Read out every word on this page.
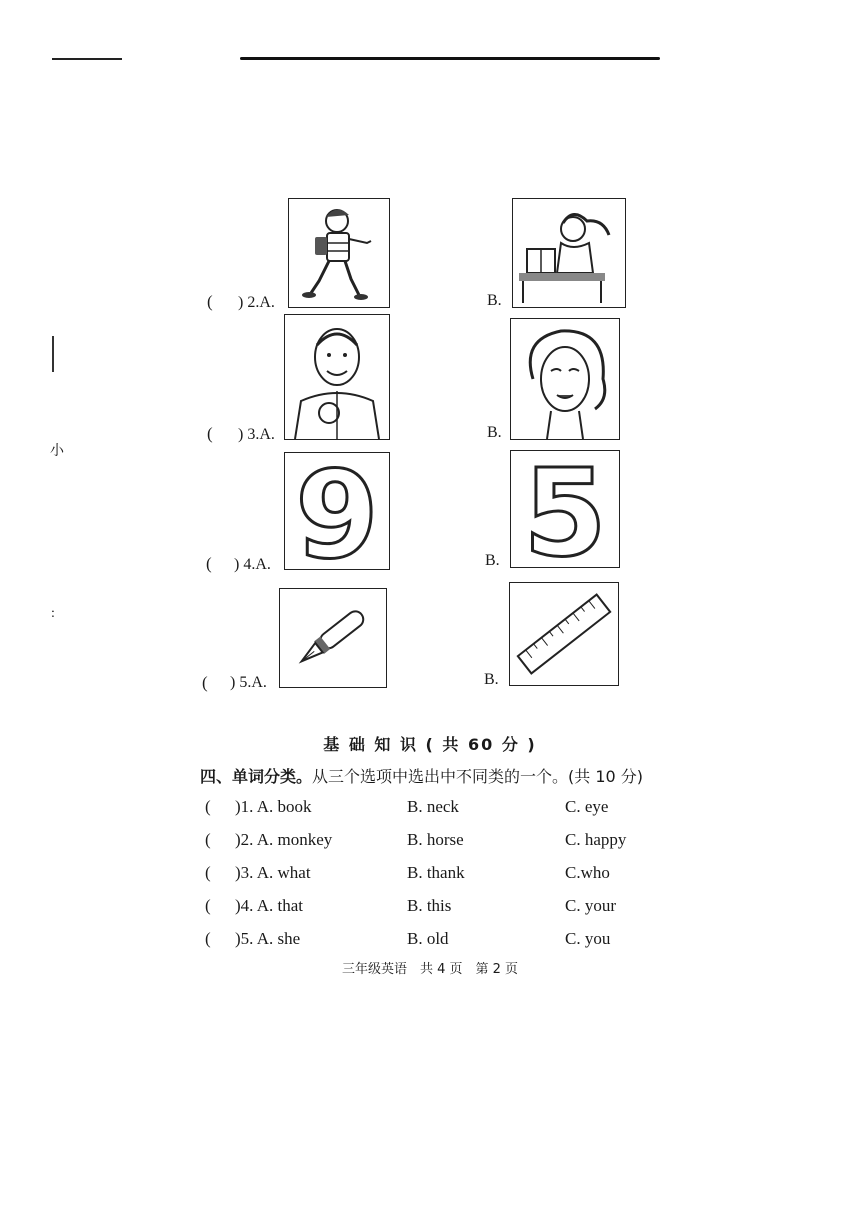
小
:
( ) 2.A.	B.
( ) 3.A.	B.
( ) 4.A. 9	B. 5
( ) 5.A.	B.
基 础 知 识 ( 共 60 分 )
四、单词分类。从三个选项中选出中不同类的一个。(共 10 分)
( )1. A. book	B. neck	C. eye
( )2. A. monkey	B. horse	C. happy
( )3. A. what	B. thank	C.who
( )4. A. that	B. this	C. your
( )5. A. she	B. old	C. you
三年级英语　共 4 页　第 2 页
